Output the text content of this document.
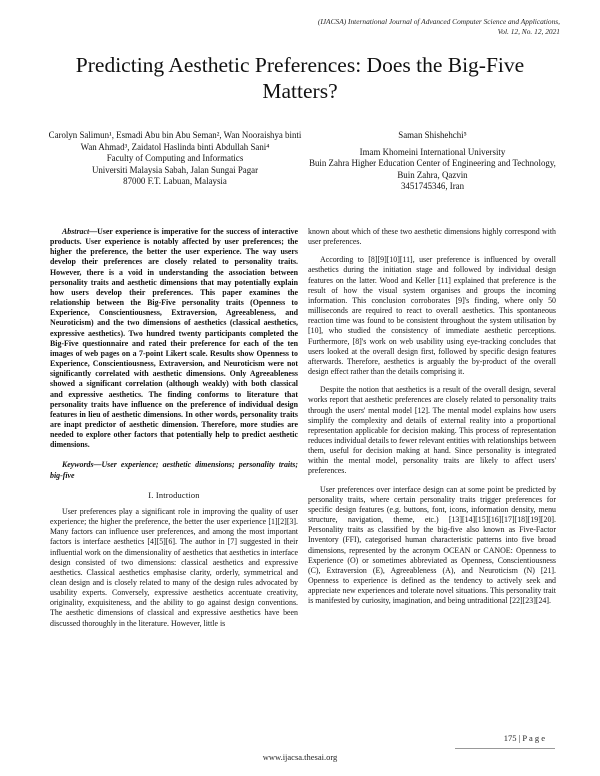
(IJACSA) International Journal of Advanced Computer Science and Applications,
Vol. 12, No. 12, 2021
Predicting Aesthetic Preferences: Does the Big-Five Matters?
Carolyn Salimun¹, Esmadi Abu bin Abu Seman², Wan Nooraishya binti Wan Ahmad³, Zaidatol Haslinda binti Abdullah Sani⁴
Faculty of Computing and Informatics
Universiti Malaysia Sabah, Jalan Sungai Pagar
87000 F.T. Labuan, Malaysia
Saman Shishehchi⁵
Imam Khomeini International University
Buin Zahra Higher Education Center of Engineering and Technology, Buin Zahra, Qazvin
3451745346, Iran

Abstract—User experience is imperative for the success of interactive products. User experience is notably affected by user preferences; the higher the preference, the better the user experience. The way users develop their preferences are closely related to personality traits. However, there is a void in understanding the association between personality traits and aesthetic dimensions that may potentially explain how users develop their preferences. This paper examines the relationship between the Big-Five personality traits (Openness to Experience, Conscientiousness, Extraversion, Agreeableness, and Neuroticism) and the two dimensions of aesthetics (classical aesthetics, expressive aesthetics). Two hundred twenty participants completed the Big-Five questionnaire and rated their preference for each of the ten images of web pages on a 7-point Likert scale. Results show Openness to Experience, Conscientiousness, Extraversion, and Neuroticism were not significantly correlated with aesthetic dimensions. Only Agreeableness showed a significant correlation (although weakly) with both classical and expressive aesthetics. The finding conforms to literature that personality traits have influence on the preference of individual design features in lieu of aesthetic dimensions. In other words, personality traits are inapt predictor of aesthetic dimension. Therefore, more studies are needed to explore other factors that potentially help to predict aesthetic dimensions.

Keywords—User experience; aesthetic dimensions; personality traits; big-five

I. Introduction

User preferences play a significant role in improving the quality of user experience; the higher the preference, the better the user experience [1][2][3]. Many factors can influence user preferences, and among the most important factors is interface aesthetics [4][5][6]. The author in [7] suggested in their influential work on the dimensionality of aesthetics that aesthetics in interface design consisted of two dimensions: classical aesthetics and expressive aesthetics. Classical aesthetics emphasise clarity, orderly, symmetrical and clean design and is closely related to many of the design rules advocated by usability experts. Conversely, expressive aesthetics accentuate creativity, originality, exquisiteness, and the ability to go against design conventions. The aesthetic dimensions of classical and expressive aesthetics have been discussed thoroughly in the literature. However, little is

known about which of these two aesthetic dimensions highly correspond with user preferences.

According to [8][9][10][11], user preference is influenced by overall aesthetics during the initiation stage and followed by individual design features on the latter. Wood and Keller [11] explained that preference is the result of how the visual system organises and groups the incoming information. This conclusion corroborates [9]'s finding, where only 50 milliseconds are required to react to overall aesthetics. This spontaneous reaction time was found to be consistent throughout the system utilisation by [10], who studied the consistency of immediate aesthetic perceptions. Furthermore, [8]'s work on web usability using eye-tracking concludes that users looked at the overall design first, followed by specific design features afterwards. Therefore, aesthetics is arguably the by-product of the overall design effect rather than the details comprising it.

Despite the notion that aesthetics is a result of the overall design, several works report that aesthetic preferences are closely related to personality traits through the users' mental model [12]. The mental model explains how users simplify the complexity and details of external reality into a proportional representation applicable for decision making. This process of representation reduces individual details to fewer relevant entities with relationships between them, useful for decision making at hand. Since personality is integrated within the mental model, personality traits are likely to affect users' preferences.

User preferences over interface design can at some point be predicted by personality traits, where certain personality traits trigger preferences for specific design features (e.g. buttons, font, icons, information density, menu structure, navigation, theme, etc.) [13][14][15][16][17][18][19][20]. Personality traits as classified by the big-five also known as Five-Factor Inventory (FFI), categorised human characteristic patterns into five broad dimensions, represented by the acronym OCEAN or CANOE: Openness to Experience (O) or sometimes abbreviated as Openness, Conscientiousness (C), Extraversion (E), Agreeableness (A), and Neuroticism (N) [21]. Openness to experience is defined as the tendency to actively seek and appreciate new experiences and tolerate novel situations. This personality trait is manifested by curiosity, imagination, and being untraditional [22][23][24].

175 | P a g e
www.ijacsa.thesai.org
